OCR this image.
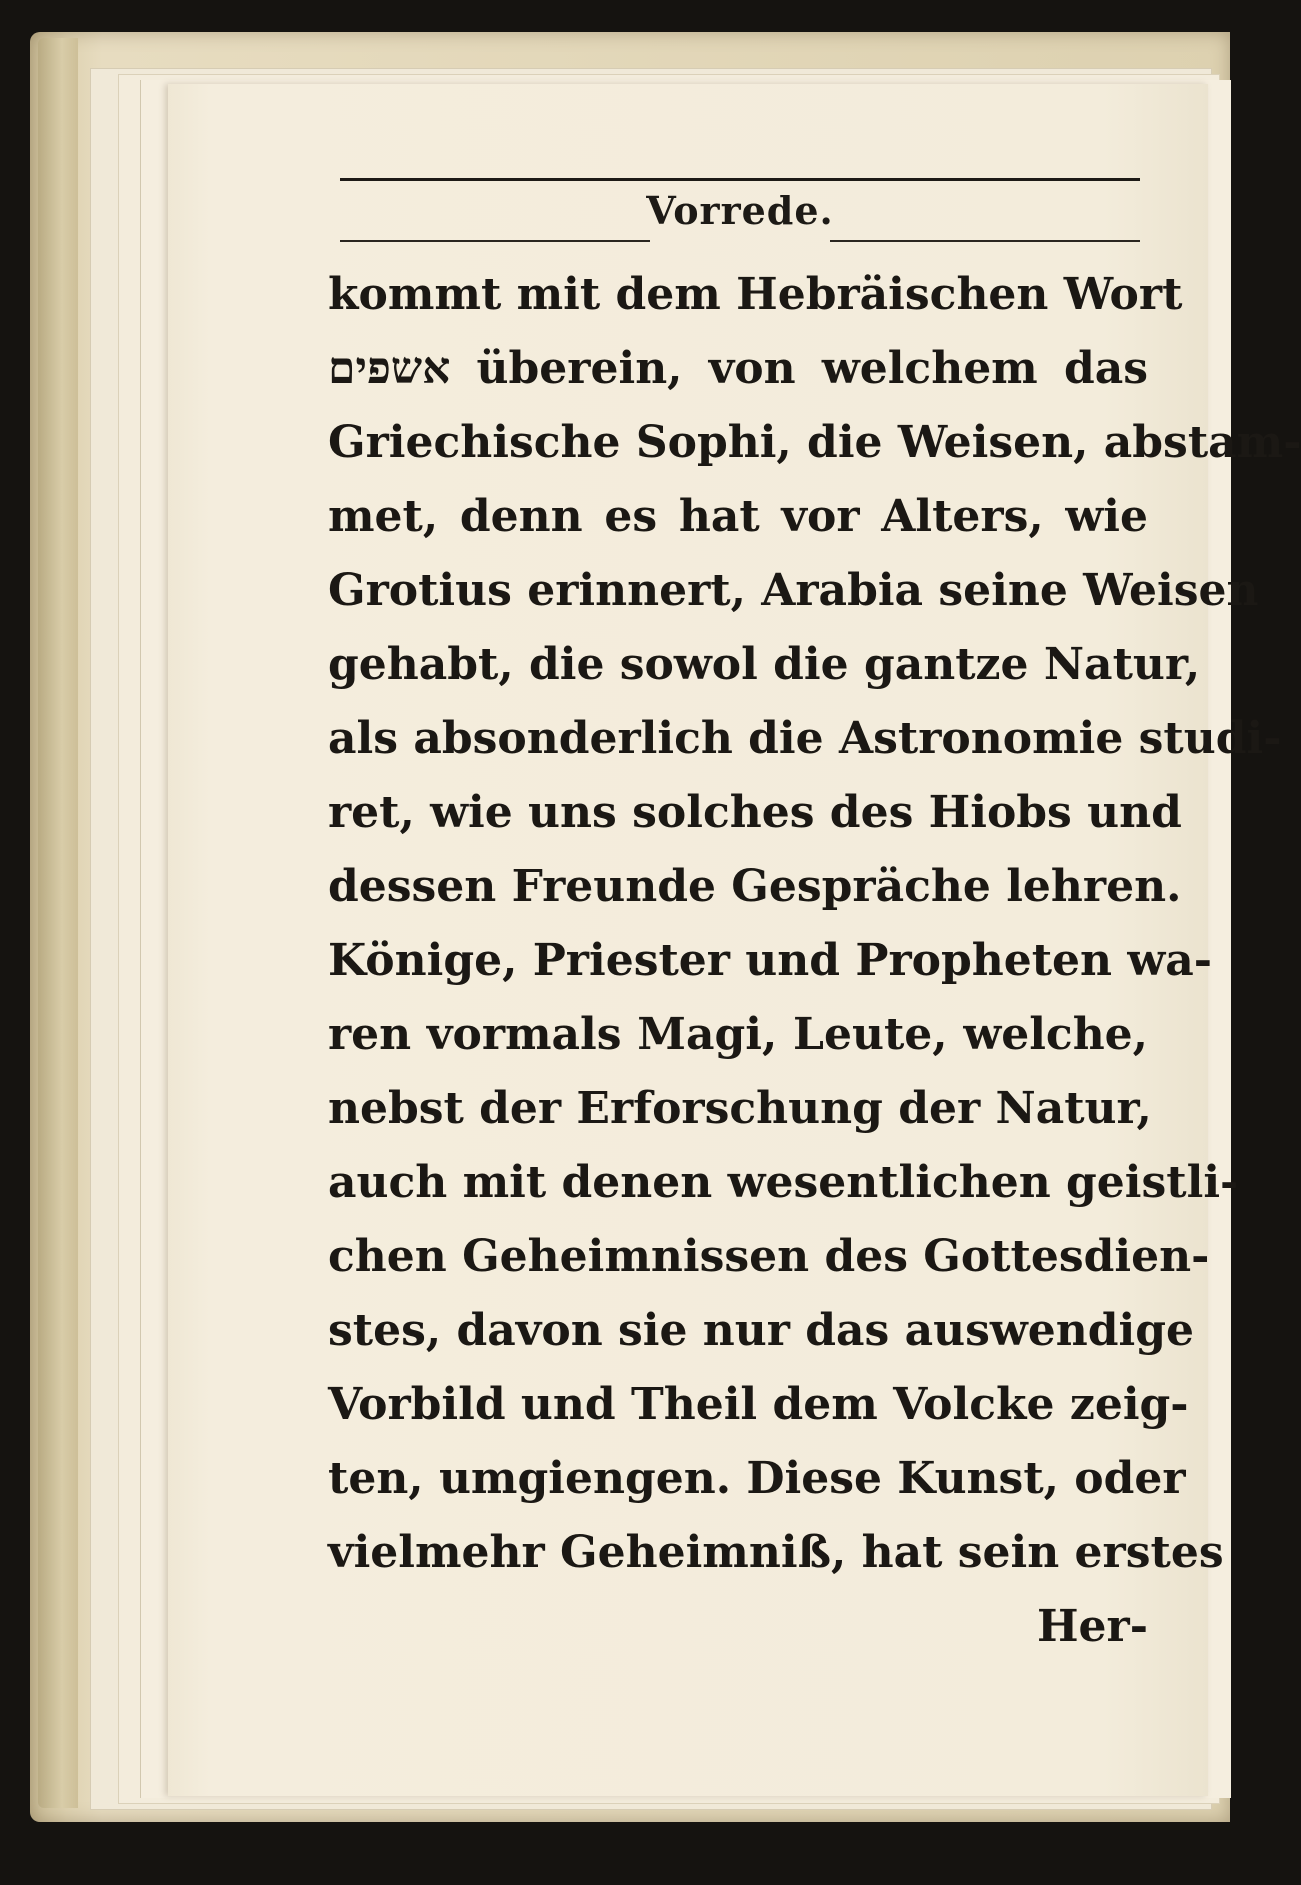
Vorrede.
kommt mit dem Hebräischen Wort
אשפים überein, von welchem das
Griechische Sophi, die Weisen, abstam-
met, denn es hat vor Alters, wie
Grotius erinnert, Arabia seine Weisen
gehabt, die sowol die gantze Natur,
als absonderlich die Astronomie studi-
ret, wie uns solches des Hiobs und
dessen Freunde Gespräche lehren.
Könige, Priester und Propheten wa-
ren vormals Magi, Leute, welche,
nebst der Erforschung der Natur,
auch mit denen wesentlichen geistli-
chen Geheimnissen des Gottesdien-
stes, davon sie nur das auswendige
Vorbild und Theil dem Volcke zeig-
ten, umgiengen. Diese Kunst, oder
vielmehr Geheimniß, hat sein erstes
Her-
